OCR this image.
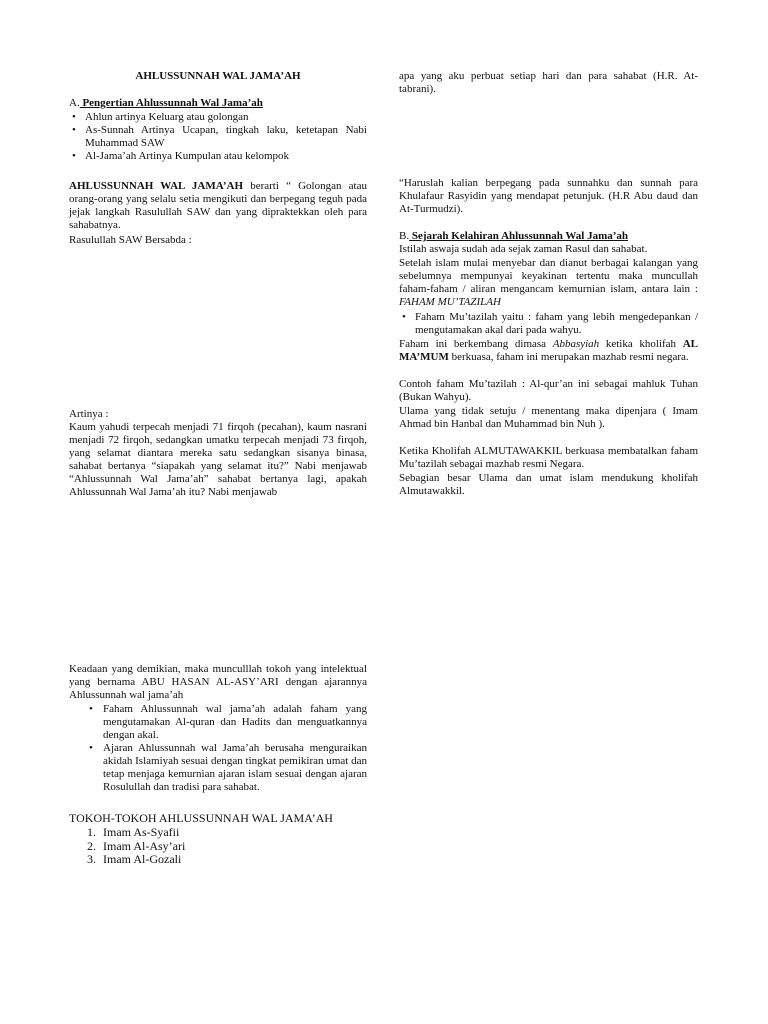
AHLUSSUNNAH WAL JAMA’AH
A. Pengertian Ahlussunnah Wal Jama’ah
• Ahlun artinya Keluarg atau golongan
• As-Sunnah Artinya Ucapan, tingkah laku, ketetapan Nabi Muhammad SAW
• Al-Jama’ah Artinya Kumpulan atau kelompok

AHLUSSUNNAH WAL JAMA’AH berarti “ Golongan atau orang-orang yang selalu setia mengikuti dan berpegang teguh pada jejak langkah Rasulullah SAW dan yang dipraktekkan oleh para sahabatnya.

Rasulullah SAW Bersabda :

Artinya :

Kaum yahudi terpecah menjadi 71 firqoh (pecahan), kaum nasrani menjadi 72 firqoh, sedangkan umatku terpecah menjadi 73 firqoh, yang selamat diantara mereka satu sedangkan sisanya binasa, sahabat bertanya “siapakah yang selamat itu?” Nabi menjawab “Ahlussunnah Wal Jama’ah” sahabat bertanya lagi, apakah Ahlussunnah Wal Jama’ah itu? Nabi menjawab

Keadaan yang demikian, maka munculllah tokoh yang intelektual yang bernama ABU HASAN AL-ASY’ARI dengan ajarannya Ahlussunnah wal jama’ah

• Faham Ahlussunnah wal jama’ah adalah faham yang mengutamakan Al-quran dan Hadits dan menguatkannya dengan akal.
• Ajaran Ahlussunnah wal Jama’ah berusaha menguraikan akidah Islamiyah sesuai dengan tingkat pemikiran umat dan tetap menjaga kemurnian ajaran islam sesuai dengan ajaran Rosulullah dan tradisi para sahabat.

TOKOH-TOKOH AHLUSSUNNAH WAL JAMA’AH

1. Imam As-Syafii
2. Imam Al-Asy’ari
3. Imam Al-Gozali

apa yang aku perbuat setiap hari dan para sahabat (H.R. At-tabrani).

“Haruslah kalian berpegang pada sunnahku dan sunnah para Khulafaur Rasyidin yang mendapat petunjuk. (H.R Abu daud dan At-Turmudzi).

B. Sejarah Kelahiran Ahlussunnah Wal Jama’ah

Istilah aswaja sudah ada sejak zaman Rasul dan sahabat.

Setelah islam mulai menyebar dan dianut berbagai kalangan yang sebelumnya mempunyai keyakinan tertentu maka muncullah faham-faham / aliran mengancam kemurnian islam, antara lain : FAHAM MU’TAZILAH

• Faham Mu’tazilah yaitu : faham yang lebih mengedepankan / mengutamakan akal dari pada wahyu.

Faham ini berkembang dimasa Abbasyiah ketika kholifah AL MA’MUM berkuasa, faham ini merupakan mazhab resmi negara.

Contoh faham Mu’tazilah : Al-qur’an ini sebagai mahluk Tuhan (Bukan Wahyu).

Ulama yang tidak setuju / menentang maka dipenjara ( Imam Ahmad bin Hanbal dan Muhammad bin Nuh ).

Ketika Kholifah ALMUTAWAKKIL berkuasa membatalkan faham Mu’tazilah sebagai mazhab resmi Negara.

Sebagian besar Ulama dan umat islam mendukung kholifah Almutawakkil.
